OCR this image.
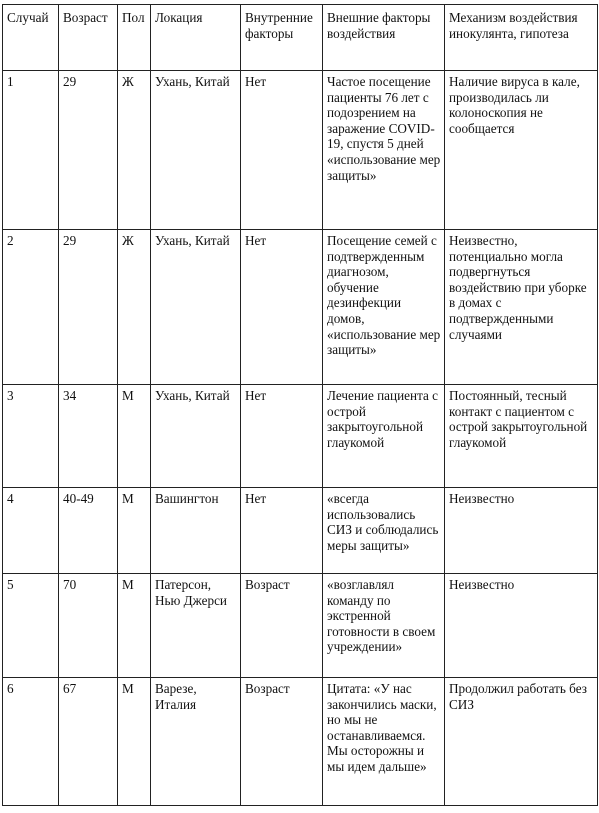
Случай	Возраст	Пол	Локация	Внутренние факторы	Внешние факторы воздействия	Механизм воздействия инокулянта, гипотеза
1	29	Ж	Ухань, Китай	Нет	Частое посещение пациенты 76 лет с подозрением на заражение COVID-19, спустя 5 дней «использование мер защиты»	Наличие вируса в кале, производилась ли колоноскопия не сообщается
2	29	Ж	Ухань, Китай	Нет	Посещение семей с подтвержденным диагнозом, обучение дезинфекции домов, «использование мер защиты»	Неизвестно, потенциально могла подвергнуться воздействию при уборке в домах с подтвержденными случаями
3	34	М	Ухань, Китай	Нет	Лечение пациента с острой закрытоугольной глаукомой	Постоянный, тесный контакт с пациентом с острой закрытоугольной глаукомой
4	40-49	М	Вашингтон	Нет	«всегда использовались СИЗ и соблюдались меры защиты»	Неизвестно
5	70	М	Патерсон, Нью Джерси	Возраст	«возглавлял команду по экстренной готовности в своем учреждении»	Неизвестно
6	67	М	Варезе, Италия	Возраст	Цитата: «У нас закончились маски, но мы не останавливаемся. Мы осторожны и мы идем дальше»	Продолжил работать без СИЗ
